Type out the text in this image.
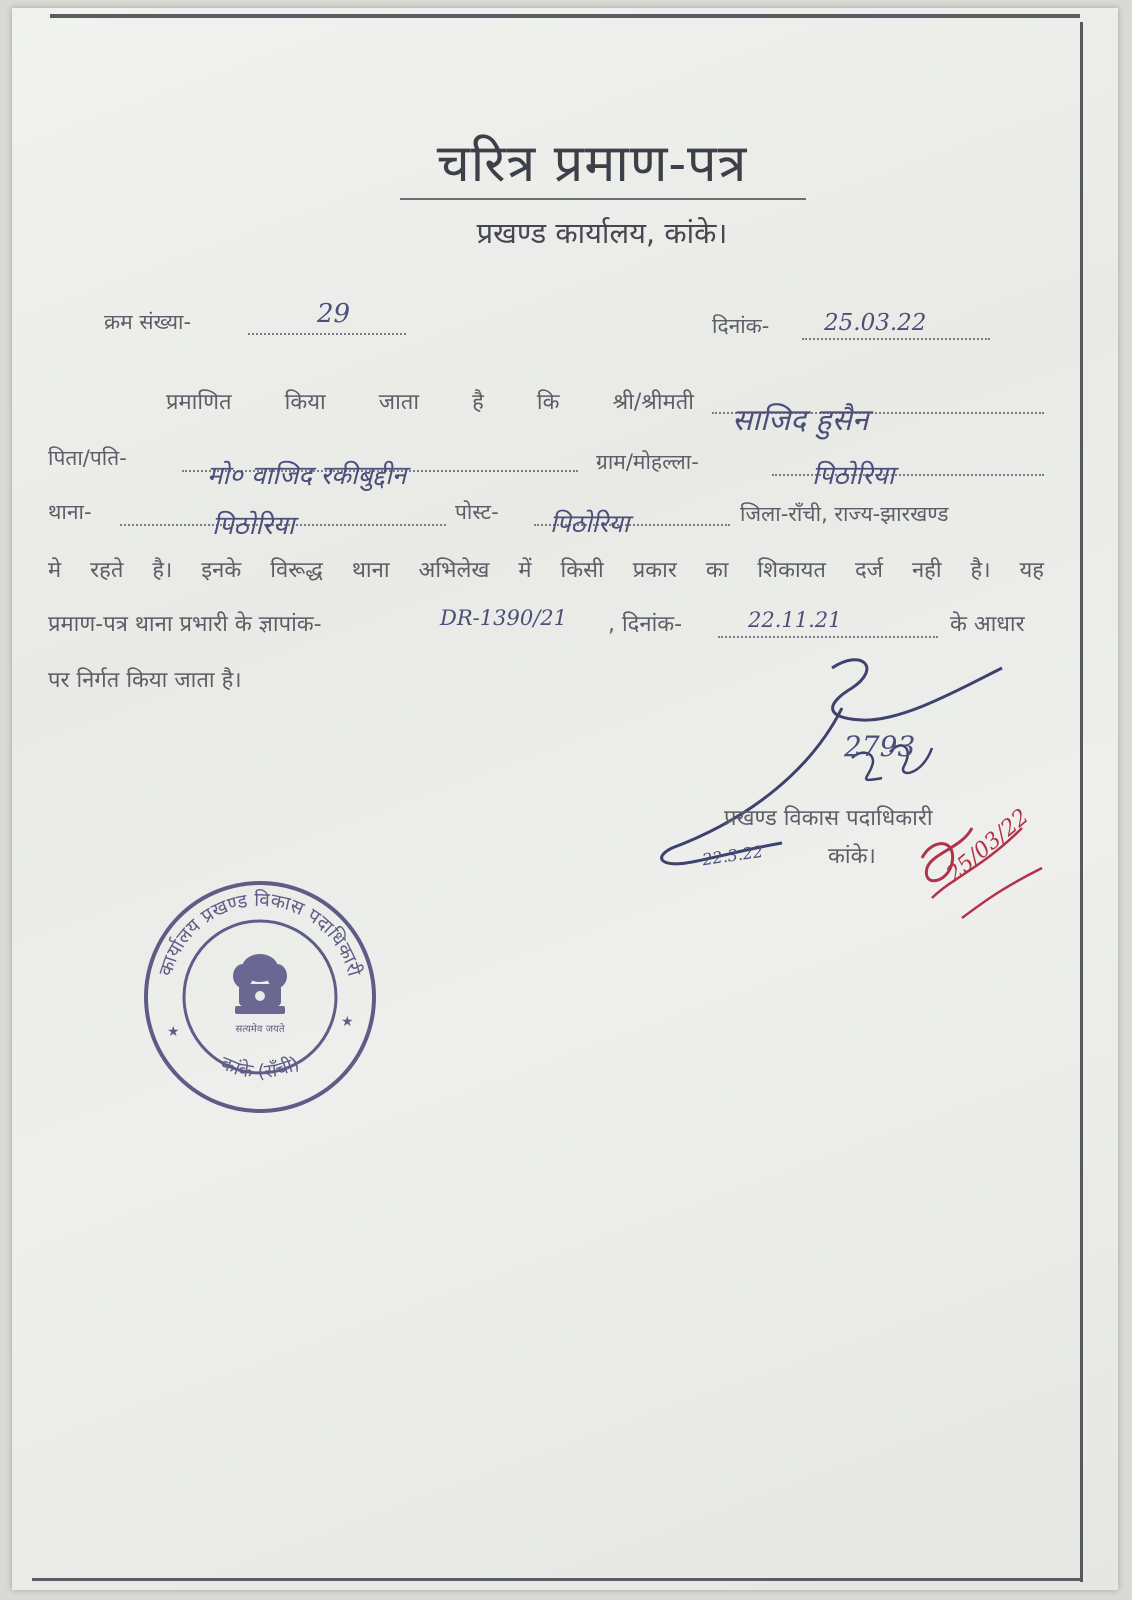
चरित्र प्रमाण-पत्र
प्रखण्ड कार्यालय, कांके।
क्रम संख्या-	29	दिनांक- 25.03.22
प्रमाणित किया जाता है कि श्री/श्रीमती
साजिद हुसैन
पिता/पति-
मो० वाजिद रकीबुद्दीन	ग्राम/मोहल्ला-	पिठोरिया
थाना-	पिठोरिया	पोस्ट- पिठोरिया	जिला-राँची, राज्य-झारखण्ड
मे रहते है। इनके विरूद्ध थाना अभिलेख में किसी प्रकार का शिकायत दर्ज नही है। यह
प्रमाण-पत्र थाना प्रभारी के ज्ञापांक-	DR-1390/21 , दिनांक-	22.11.21	के आधार
पर निर्गत किया जाता है।
2793
22.3.22
प्रखण्ड विकास पदाधिकारी
कांके।	25/03/22
कार्यालय प्रखण्ड विकास पदाधिकारी
कांके (राँची)
★
★
सत्यमेव जयते
